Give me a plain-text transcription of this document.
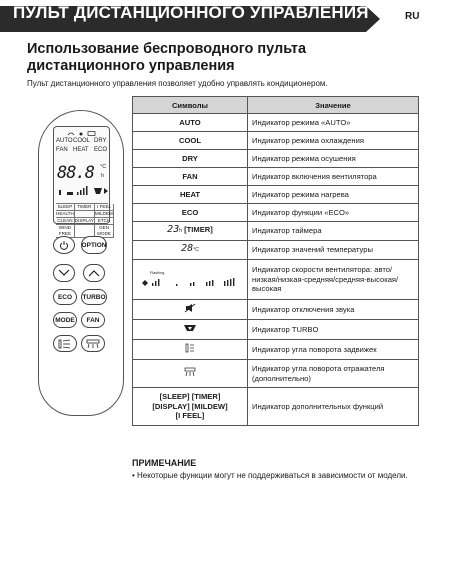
ПУЛЬТ ДИСТАНЦИОННОГО УПРАВЛЕНИЯ	RU
Использование беспроводного пульта дистанционного управления
Пульт дистанционного управления позволяет удобно управлять кондиционером.
AUTO COOL DRY
FAN HEAT ECO
88.8 °C
h
SLEEP	TIMER	I FEEL
HEALTH	MILDEW
CLEAN DISPLAY ETCH
WIND FREE
GEN MODE
OPTION
ECO	TURBO
MODE	FAN
Символы	Значение
AUTO	Индикатор режима «AUTO»
COOL	Индикатор режима охлаждения
DRY	Индикатор режима осушения
FAN	Индикатор включения вентилятора
HEAT	Индикатор режима нагрева
ECO	Индикатор функции «ECO»
23h [TIMER]	Индикатор таймера
28°C	Индикатор значений температуры

Flashing	Индикатор скорости вентилятора: авто/низкая/низкая-средняя/средняя-высокая/высокая
	Индикатор отключения звука
	Индикатор TURBO
	Индикатор угла поворота задвижек
	Индикатор угла поворота отражателя (дополнительно)

[SLEEP] [TIMER]
[DISPLAY] [MILDEW]
[I FEEL]	Индикатор дополнительных функций
ПРИМЕЧАНИЕ
• Некоторые функции могут не поддерживаться в зависимости от модели.
